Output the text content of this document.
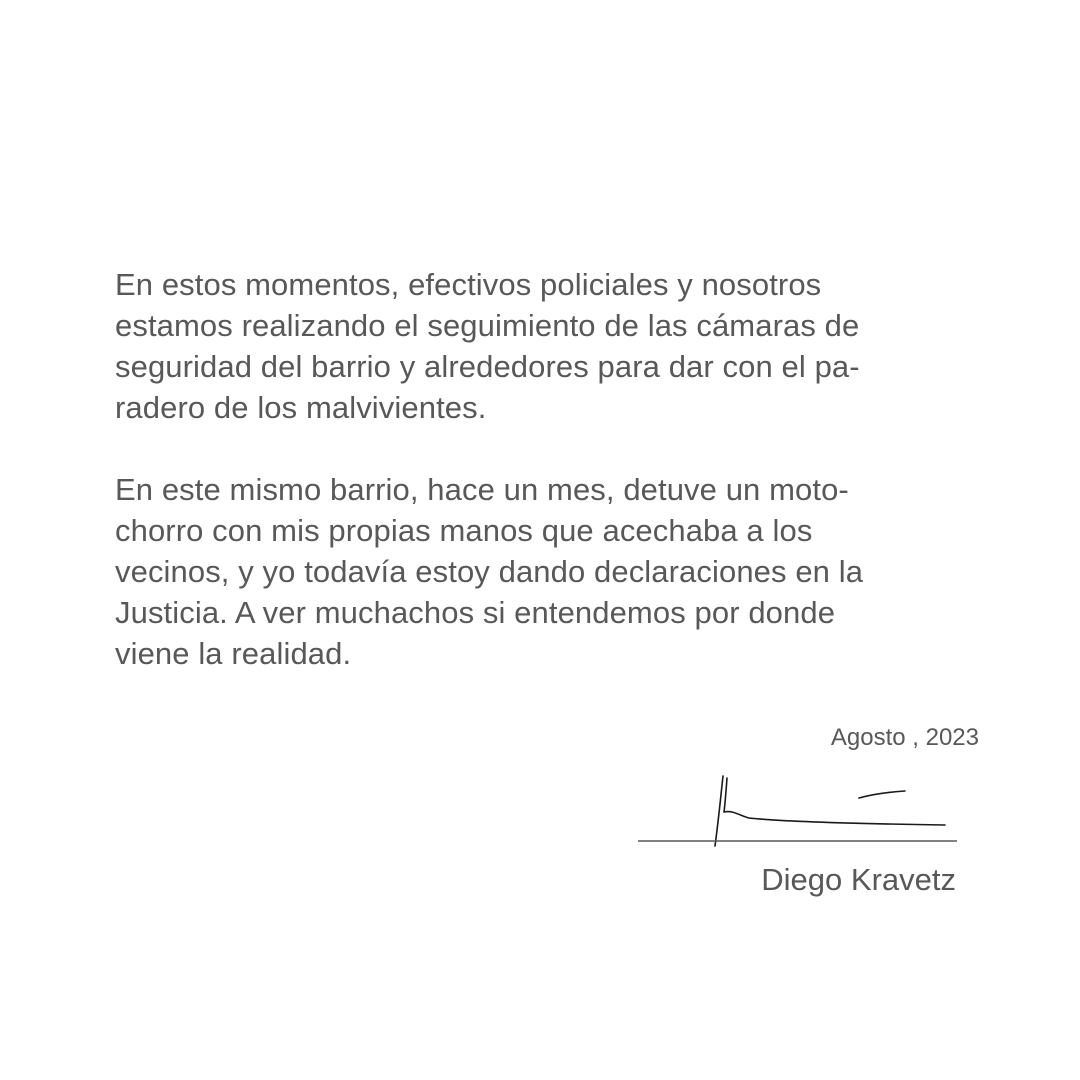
En estos momentos, efectivos policiales y nosotros
estamos realizando el seguimiento de las cámaras de
seguridad del barrio y alrededores para dar con el pa-
radero de los malvivientes.
En este mismo barrio, hace un mes, detuve un moto-
chorro con mis propias manos que acechaba a los
vecinos, y yo todavía estoy dando declaraciones en la
Justicia. A ver muchachos si entendemos por donde
viene la realidad.
Agosto , 2023
Diego Kravetz
